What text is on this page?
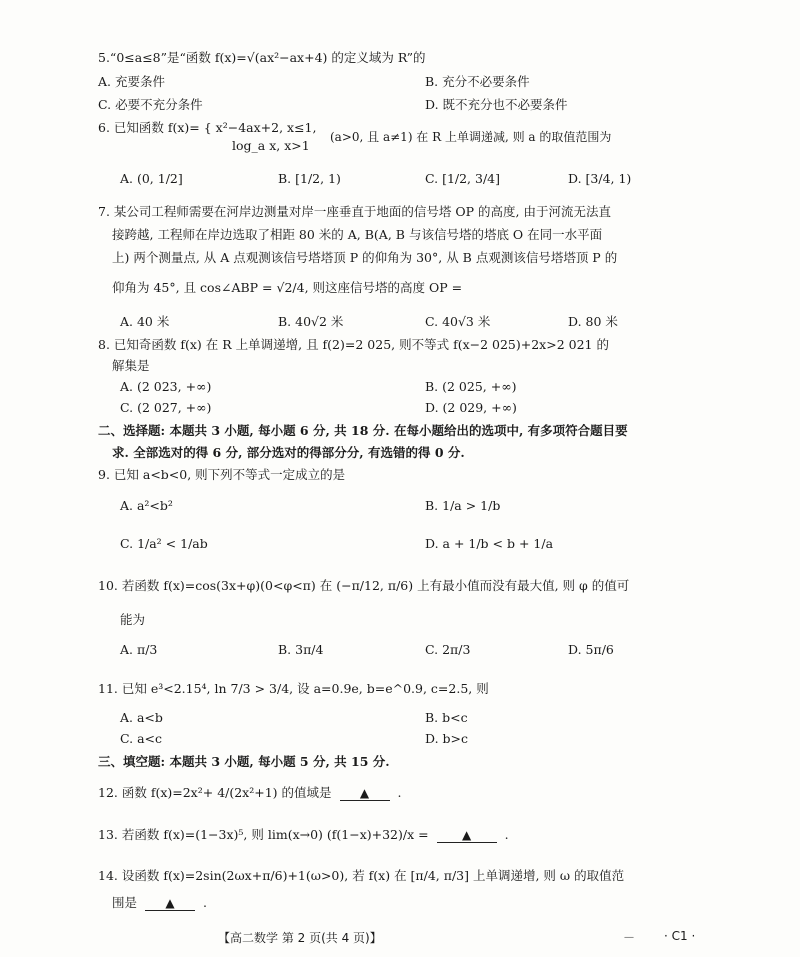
5.“0≤a≤8”是“函数 f(x)=√(ax²−ax+4) 的定义域为 R”的
A. 充要条件	B. 充分不必要条件
C. 必要不充分条件	D. 既不充分也不必要条件
6. 已知函数 f(x)= { x²−4ax+2, x≤1,
log_a x, x>1
(a>0, 且 a≠1) 在 R 上单调递减, 则 a 的取值范围为
A. (0, 1/2]	B. [1/2, 1)	C. [1/2, 3/4]	D. [3/4, 1)
7. 某公司工程师需要在河岸边测量对岸一座垂直于地面的信号塔 OP 的高度, 由于河流无法直
接跨越, 工程师在岸边选取了相距 80 米的 A, B(A, B 与该信号塔的塔底 O 在同一水平面
上) 两个测量点, 从 A 点观测该信号塔塔顶 P 的仰角为 30°, 从 B 点观测该信号塔塔顶 P 的
仰角为 45°, 且 cos∠ABP = √2/4, 则这座信号塔的高度 OP =
A. 40 米	B. 40√2 米	C. 40√3 米	D. 80 米
8. 已知奇函数 f(x) 在 R 上单调递增, 且 f(2)=2 025, 则不等式 f(x−2 025)+2x>2 021 的
解集是
A. (2 023, +∞)	B. (2 025, +∞)
C. (2 027, +∞)	D. (2 029, +∞)
二、选择题: 本题共 3 小题, 每小题 6 分, 共 18 分. 在每小题给出的选项中, 有多项符合题目要
求. 全部选对的得 6 分, 部分选对的得部分分, 有选错的得 0 分.
9. 已知 a<b<0, 则下列不等式一定成立的是
A. a²<b²	B. 1/a > 1/b
C. 1/a² < 1/ab	D. a + 1/b < b + 1/a
10. 若函数 f(x)=cos(3x+φ)(0<φ<π) 在 (−π/12, π/6) 上有最小值而没有最大值, 则 φ 的值可
能为
A. π/3	B. 3π/4	C. 2π/3	D. 5π/6
11. 已知 e³<2.15⁴, ln 7/3 > 3/4, 设 a=0.9e, b=e^0.9, c=2.5, 则
A. a<b	B. b<c
C. a<c	D. b>c
三、填空题: 本题共 3 小题, 每小题 5 分, 共 15 分.
12. 函数 f(x)=2x²+ 4/(2x²+1) 的值域是 ▲ .
13. 若函数 f(x)=(1−3x)⁵, 则 lim(x→0) (f(1−x)+32)/x =	▲	.
14. 设函数 f(x)=2sin(2ωx+π/6)+1(ω>0), 若 f(x) 在 [π/4, π/3] 上单调递增, 则 ω 的取值范
围是 ▲ .
【高二数学 第 2 页(共 4 页)】	—	· C1 ·
